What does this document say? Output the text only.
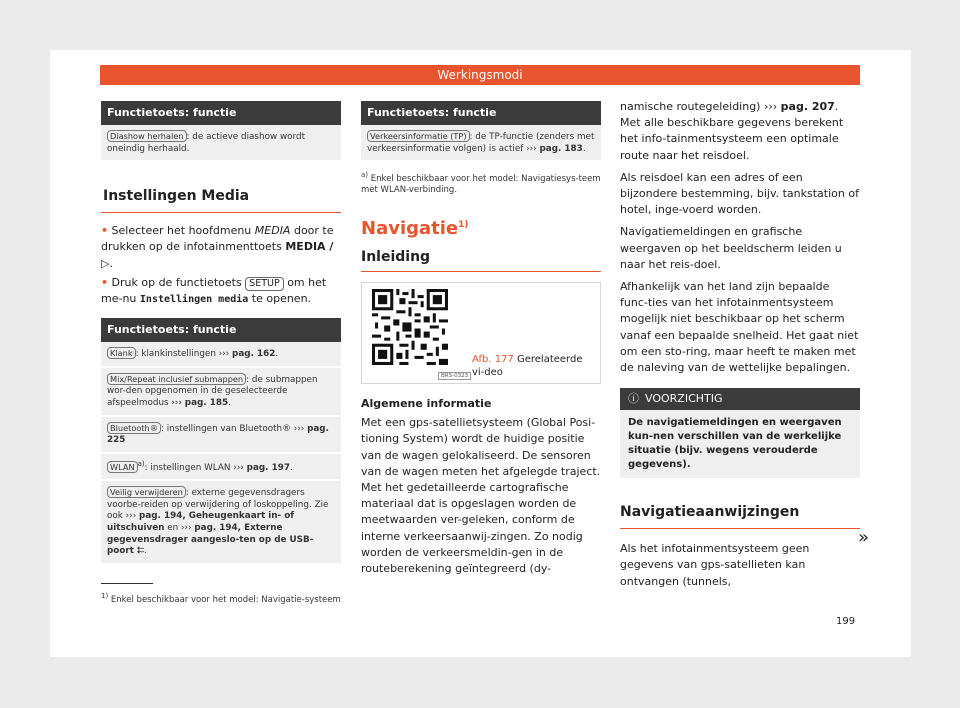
Werkingsmodi
Functietoets: functie
Diashow herhalen : de actieve diashow wordt oneindig herhaald.
Instellingen Media

• Selecteer het hoofdmenu MEDIA door te drukken op de infotainmenttoets MEDIA / ▷.

• Druk op de functietoets SETUP om het me-nu Instellingen media te openen.

Functietoets: functie
Klank : klankinstellingen ››› pag. 162.
Mix/Repeat inclusief submappen : de submappen wor-den opgenomen in de geselecteerde afspeelmodus ››› pag. 185.
Bluetooth® : instellingen van Bluetooth® ››› pag. 225
WLAN $^{a)}$: instellingen WLAN ››› pag. 197.
Veilig verwijderen : externe gegevensdragers voorbe-reiden op verwijdering of loskoppeling. Zie ook ››› pag. 194, Geheugenkaart in- of uitschuiven en ››› pag. 194, Externe gegevensdrager aangeslo-ten op de USB-poort ⮄.
$^{1)}$ Enkel beschikbaar voor het model: Navigatie-systeem
Functietoets: functie
Verkeersinformatie (TP) : de TP-functie (zenders met verkeersinformatie volgen) is actief ››› pag. 183.
$^{a)}$ Enkel beschikbaar voor het model: Navigatiesys-teem met WLAN-verbinding.
Navigatie$^{1)}$
Inleiding
BRS-0323
Afb. 177 Gerelateerde vi-deo
Algemene informatie

Met een gps-satellietsysteem (Global Posi-tioning System) wordt de huidige positie van de wagen gelokaliseerd. De sensoren van de wagen meten het afgelegde traject. Met het gedetailleerde cartografische materiaal dat is opgeslagen worden de meetwaarden ver-geleken, conform de interne verkeersaanwij-zingen. Zo nodig worden de verkeersmeldin-gen in de routeberekening geïntegreerd (dy-

namische routegeleiding) ››› pag. 207. Met alle beschikbare gegevens berekent het info-tainmentsysteem een optimale route naar het reisdoel.

Als reisdoel kan een adres of een bijzondere bestemming, bijv. tankstation of hotel, inge-voerd worden.

Navigatiemeldingen en grafische weergaven op het beeldscherm leiden u naar het reis-doel.

Afhankelijk van het land zijn bepaalde func-ties van het infotainmentsysteem mogelijk niet beschikbaar op het scherm vanaf een bepaalde snelheid. Het gaat niet om een sto-ring, maar heeft te maken met de naleving van de wettelijke bepalingen.

ⓘ VOORZICHTIG
De navigatiemeldingen en weergaven kun-nen verschillen van de werkelijke situatie (bijv. wegens verouderde gegevens).
Navigatieaanwijzingen

Als het infotainmentsysteem geen gegevens van gps-satellieten kan ontvangen (tunnels,

»
199
